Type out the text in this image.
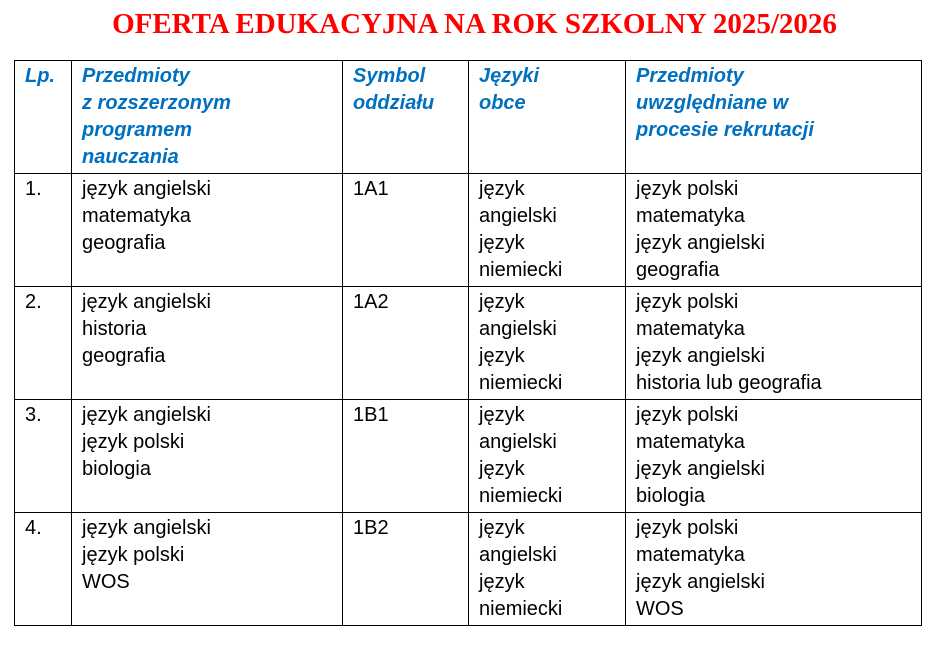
OFERTA EDUKACYJNA NA ROK SZKOLNY 2025/2026
Lp.	Przedmioty
z rozszerzonym
programem
nauczania	Symbol
oddziału	Języki
obce	Przedmioty
uwzględniane w
procesie rekrutacji

1.	język angielski
matematyka
geografia	1A1	język
angielski
język
niemiecki	język polski
matematyka
język angielski
geografia

2.	język angielski
historia
geografia	1A2	język
angielski
język
niemiecki	język polski
matematyka
język angielski
historia lub geografia

3.	język angielski
język polski
biologia	1B1	język
angielski
język
niemiecki	język polski
matematyka
język angielski
biologia

4.	język angielski
język polski
WOS	1B2	język
angielski
język
niemiecki	język polski
matematyka
język angielski
WOS
